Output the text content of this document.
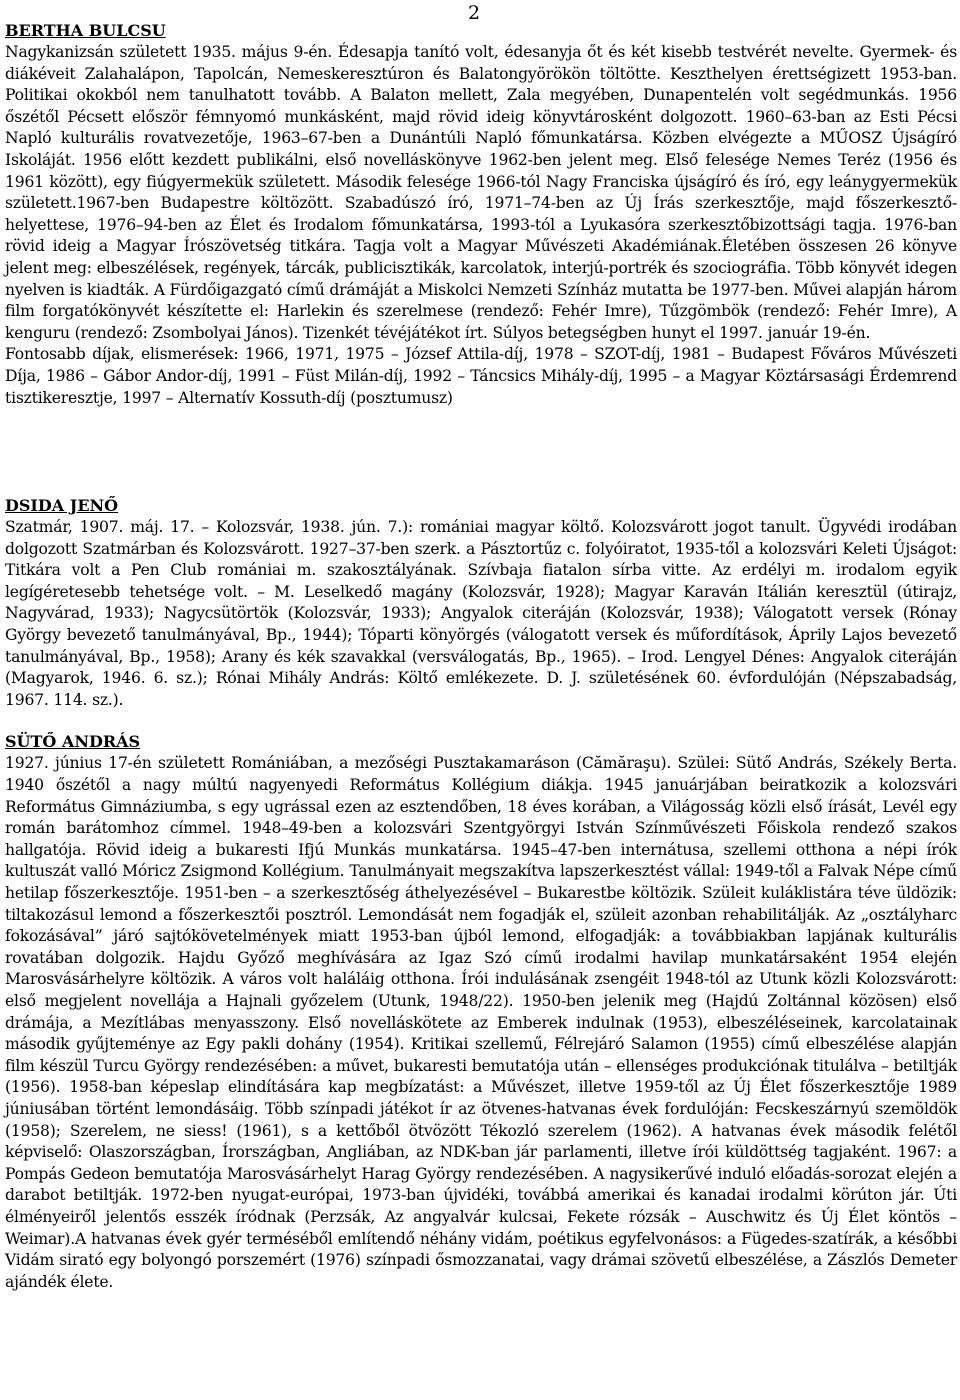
2
BERTHA BULCSU

Nagykanizsán született 1935. május 9-én. Édesapja tanító volt, édesanyja őt és két kisebb testvérét nevelte. Gyermek- és diákéveit Zalahalápon, Tapolcán, Nemeskeresztúron és Balatongyörökön töltötte. Keszthelyen érettségizett 1953-ban. Politikai okokból nem tanulhatott tovább. A Balaton mellett, Zala megyében, Dunapentelén volt segédmunkás. 1956 őszétől Pécsett először fémnyomó munkásként, majd rövid ideig könyvtárosként dolgozott. 1960–63-ban az Esti Pécsi Napló kulturális rovatvezetője, 1963–67-ben a Dunántúli Napló főmunkatársa. Közben elvégezte a MŰOSZ Újságíró Iskoláját. 1956 előtt kezdett publikálni, első novelláskönyve 1962-ben jelent meg. Első felesége Nemes Teréz (1956 és 1961 között), egy fiúgyermekük született. Második felesége 1966-tól Nagy Franciska újságíró és író, egy leánygyermekük született.1967-ben Budapestre költözött. Szabadúszó író, 1971–74-ben az Új Írás szerkesztője, majd főszerkesztő-helyettese, 1976–94-ben az Élet és Irodalom főmunkatársa, 1993-tól a Lyukasóra szerkesztőbizottsági tagja. 1976-ban rövid ideig a Magyar Írószövetség titkára. Tagja volt a Magyar Művészeti Akadémiának.Életében összesen 26 könyve jelent meg: elbeszélések, regények, tárcák, publicisztikák, karcolatok, interjú-portrék és szociográfia. Több könyvét idegen nyelven is kiadták. A Fürdőigazgató című drámáját a Miskolci Nemzeti Színház mutatta be 1977-ben. Művei alapján három film forgatókönyvét készítette el: Harlekin és szerelmese (rendező: Fehér Imre), Tűzgömbök (rendező: Fehér Imre), A kenguru (rendező: Zsombolyai János). Tizenkét tévéjátékot írt. Súlyos betegségben hunyt el 1997. január 19-én.

Fontosabb díjak, elismerések: 1966, 1971, 1975 – József Attila-díj, 1978 – SZOT-díj, 1981 – Budapest Főváros Művészeti Díja, 1986 – Gábor Andor-díj, 1991 – Füst Milán-díj, 1992 – Táncsics Mihály-díj, 1995 – a Magyar Köztársasági Érdemrend tisztikeresztje, 1997 – Alternatív Kossuth-díj (posztumusz)

DSIDA JENŐ

Szatmár, 1907. máj. 17. – Kolozsvár, 1938. jún. 7.): romániai magyar költő. Kolozsvárott jogot tanult. Ügyvédi irodában dolgozott Szatmárban és Kolozsvárott. 1927–37-ben szerk. a Pásztortűz c. folyóiratot, 1935-től a kolozsvári Keleti Újságot: Titkára volt a Pen Club romániai m. szakosztályának. Szívbaja fiatalon sírba vitte. Az erdélyi m. irodalom egyik legígéretesebb tehetsége volt. – M. Leselkedő magány (Kolozsvár, 1928); Magyar Karaván Itálián keresztül (útirajz, Nagyvárad, 1933); Nagycsütörtök (Kolozsvár, 1933); Angyalok citeráján (Kolozsvár, 1938); Válogatott versek (Rónay György bevezető tanulmányával, Bp., 1944); Tóparti könyörgés (válogatott versek és műfordítások, Áprily Lajos bevezető tanulmányával, Bp., 1958); Arany és kék szavakkal (versválogatás, Bp., 1965). – Irod. Lengyel Dénes: Angyalok citeráján (Magyarok, 1946. 6. sz.); Rónai Mihály András: Költő emlékezete. D. J. születésének 60. évfordulóján (Népszabadság, 1967. 114. sz.).

SÜTŐ ANDRÁS

1927. június 17-én született Romániában, a mezőségi Pusztakamaráson (Cămăraşu). Szülei: Sütő András, Székely Berta. 1940 őszétől a nagy múltú nagyenyedi Református Kollégium diákja. 1945 januárjában beiratkozik a kolozsvári Református Gimnáziumba, s egy ugrással ezen az esztendőben, 18 éves korában, a Világosság közli első írását, Levél egy román barátomhoz címmel. 1948–49-ben a kolozsvári Szentgyörgyi István Színművészeti Főiskola rendező szakos hallgatója. Rövid ideig a bukaresti Ifjú Munkás munkatársa. 1945–47-ben internátusa, szellemi otthona a népi írók kultuszát valló Móricz Zsigmond Kollégium. Tanulmányait megszakítva lapszerkesztést vállal: 1949-től a Falvak Népe című hetilap főszerkesztője. 1951-ben – a szerkesztőség áthelyezésével – Bukarestbe költözik. Szüleit kuláklistára téve üldözik: tiltakozásul lemond a főszerkesztői posztról. Lemondását nem fogadják el, szüleit azonban rehabilitálják. Az „osztályharc fokozásával” járó sajtókövetelmények miatt 1953-ban újból lemond, elfogadják: a továbbiakban lapjának kulturális rovatában dolgozik. Hajdu Győző meghívására az Igaz Szó című irodalmi havilap munkatársaként 1954 elején Marosvásárhelyre költözik. A város volt haláláig otthona. Írói indulásának zsengéit 1948-tól az Utunk közli Kolozsvárott: első megjelent novellája a Hajnali győzelem (Utunk, 1948/22). 1950-ben jelenik meg (Hajdú Zoltánnal közösen) első drámája, a Mezítlábas menyasszony. Első novelláskötete az Emberek indulnak (1953), elbeszéléseinek, karcolatainak második gyűjteménye az Egy pakli dohány (1954). Kritikai szellemű, Félrejáró Salamon (1955) című elbeszélése alapján film készül Turcu György rendezésében: a művet, bukaresti bemutatója után – ellenséges produkciónak titulálva – betiltják (1956). 1958-ban képeslap elindítására kap megbízatást: a Művészet, illetve 1959-től az Új Élet főszerkesztője 1989 júniusában történt lemondásáig. Több színpadi játékot ír az ötvenes-hatvanas évek fordulóján: Fecskeszárnyú szemöldök (1958); Szerelem, ne siess! (1961), s a kettőből ötvözött Tékozló szerelem (1962). A hatvanas évek második felétől képviselő: Olaszországban, Írországban, Angliában, az NDK-ban jár parlamenti, illetve írói küldöttség tagjaként. 1967: a Pompás Gedeon bemutatója Marosvásárhelyt Harag György rendezésében. A nagysikerűvé induló előadás-sorozat elején a darabot betiltják. 1972-ben nyugat-európai, 1973-ban újvidéki, továbbá amerikai és kanadai irodalmi körúton jár. Úti élményeiről jelentős esszék íródnak (Perzsák, Az angyalvár kulcsai, Fekete rózsák – Auschwitz és Új Élet köntös – Weimar).A hatvanas évek gyér terméséből említendő néhány vidám, poétikus egyfelvonásos: a Fügedes-szatírák, a későbbi Vidám sirató egy bolyongó porszemért (1976) színpadi ősmozzanatai, vagy drámai szövetű elbeszélése, a Zászlós Demeter ajándék élete.
